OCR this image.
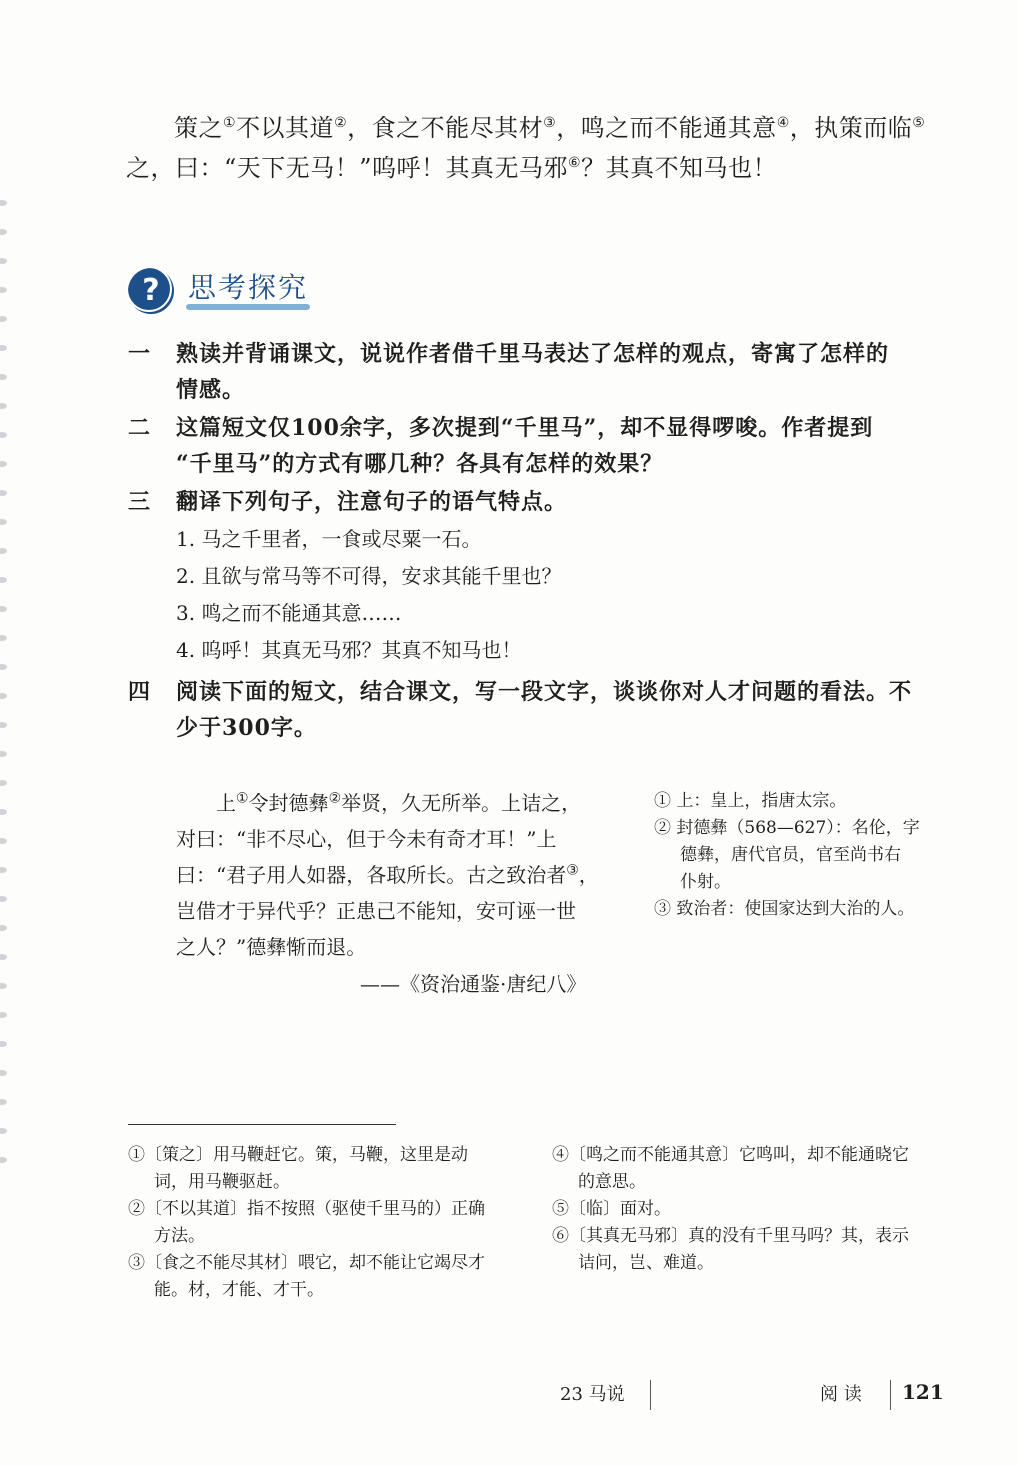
策之①不以其道②，食之不能尽其材③，鸣之而不能通其意④，执策而临⑤
之，曰：“天下无马！”呜呼！其真无马邪⑥？其真不知马也！
?	思考探究
一	熟读并背诵课文，说说作者借千里马表达了怎样的观点，寄寓了怎样的
情感。
二	这篇短文仅100余字，多次提到“千里马”，却不显得啰唆。作者提到
“千里马”的方式有哪几种？各具有怎样的效果？
三	翻译下列句子，注意句子的语气特点。
1. 马之千里者，一食或尽粟一石。
2. 且欲与常马等不可得，安求其能千里也？
3. 鸣之而不能通其意……
4. 呜呼！其真无马邪？其真不知马也！
四	阅读下面的短文，结合课文，写一段文字，谈谈你对人才问题的看法。不
少于300字。
上①令封德彝②举贤，久无所举。上诘之，
对曰：“非不尽心，但于今未有奇才耳！”上
曰：“君子用人如器，各取所长。古之致治者③，
岂借才于异代乎？正患己不能知，安可诬一世
之人？”德彝惭而退。
——《资治通鉴·唐纪八》
① 上：皇上，指唐太宗。
② 封德彝（568—627）：名伦，字
德彝，唐代官员，官至尚书右
仆射。
③ 致治者：使国家达到大治的人。
①〔策之〕用马鞭赶它。策，马鞭，这里是动
词，用马鞭驱赶。
②〔不以其道〕指不按照（驱使千里马的）正确
方法。
③〔食之不能尽其材〕喂它，却不能让它竭尽才
能。材，才能、才干。
④〔鸣之而不能通其意〕它鸣叫，却不能通晓它
的意思。
⑤〔临〕面对。
⑥〔其真无马邪〕真的没有千里马吗？其，表示
诘问，岂、难道。
23 马说	阅 读 121
